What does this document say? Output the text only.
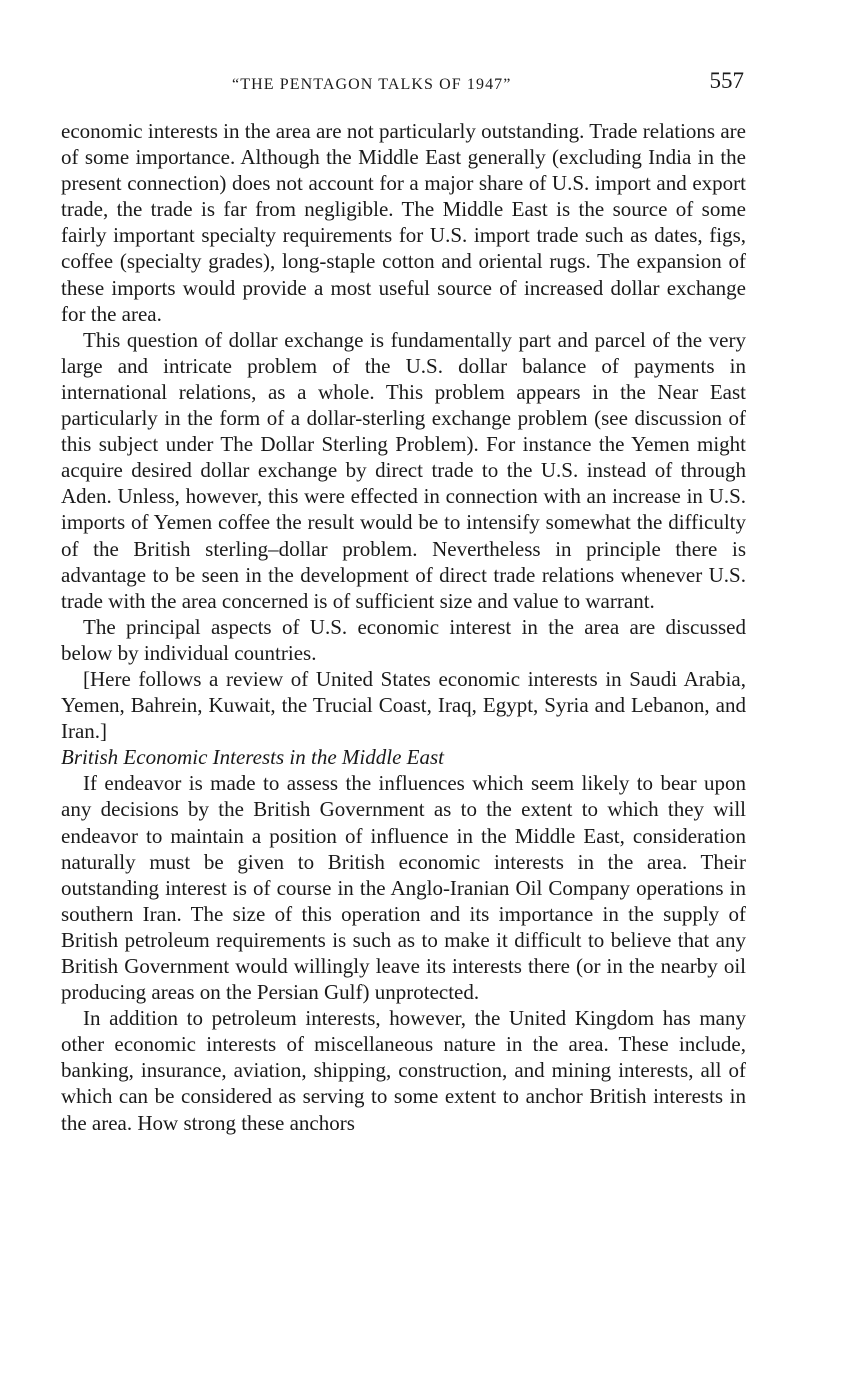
“THE PENTAGON TALKS OF 1947”	557

economic interests in the area are not particularly outstanding. Trade relations are of some importance. Although the Middle East generally (excluding India in the present connection) does not account for a major share of U.S. import and export trade, the trade is far from negligible. The Middle East is the source of some fairly important specialty requirements for U.S. import trade such as dates, figs, coffee (specialty grades), long-staple cotton and oriental rugs. The expansion of these imports would provide a most useful source of increased dollar exchange for the area.

This question of dollar exchange is fundamentally part and parcel of the very large and intricate problem of the U.S. dollar balance of payments in international relations, as a whole. This problem appears in the Near East particularly in the form of a dollar-sterling exchange problem (see discussion of this subject under The Dollar Sterling Problem). For instance the Yemen might acquire desired dollar exchange by direct trade to the U.S. instead of through Aden. Unless, however, this were effected in connection with an increase in U.S. imports of Yemen coffee the result would be to intensify somewhat the difficulty of the British sterling–dollar problem. Nevertheless in principle there is advantage to be seen in the development of direct trade relations whenever U.S. trade with the area concerned is of sufficient size and value to warrant.

The principal aspects of U.S. economic interest in the area are discussed below by individual countries.

[Here follows a review of United States economic interests in Saudi Arabia, Yemen, Bahrein, Kuwait, the Trucial Coast, Iraq, Egypt, Syria and Lebanon, and Iran.]

British Economic Interests in the Middle East

If endeavor is made to assess the influences which seem likely to bear upon any decisions by the British Government as to the extent to which they will endeavor to maintain a position of influence in the Middle East, consideration naturally must be given to British economic interests in the area. Their outstanding interest is of course in the Anglo-Iranian Oil Company operations in southern Iran. The size of this operation and its importance in the supply of British petroleum requirements is such as to make it difficult to believe that any British Government would willingly leave its interests there (or in the nearby oil producing areas on the Persian Gulf) unprotected.

In addition to petroleum interests, however, the United Kingdom has many other economic interests of miscellaneous nature in the area. These include, banking, insurance, aviation, shipping, construction, and mining interests, all of which can be considered as serving to some extent to anchor British interests in the area. How strong these anchors
